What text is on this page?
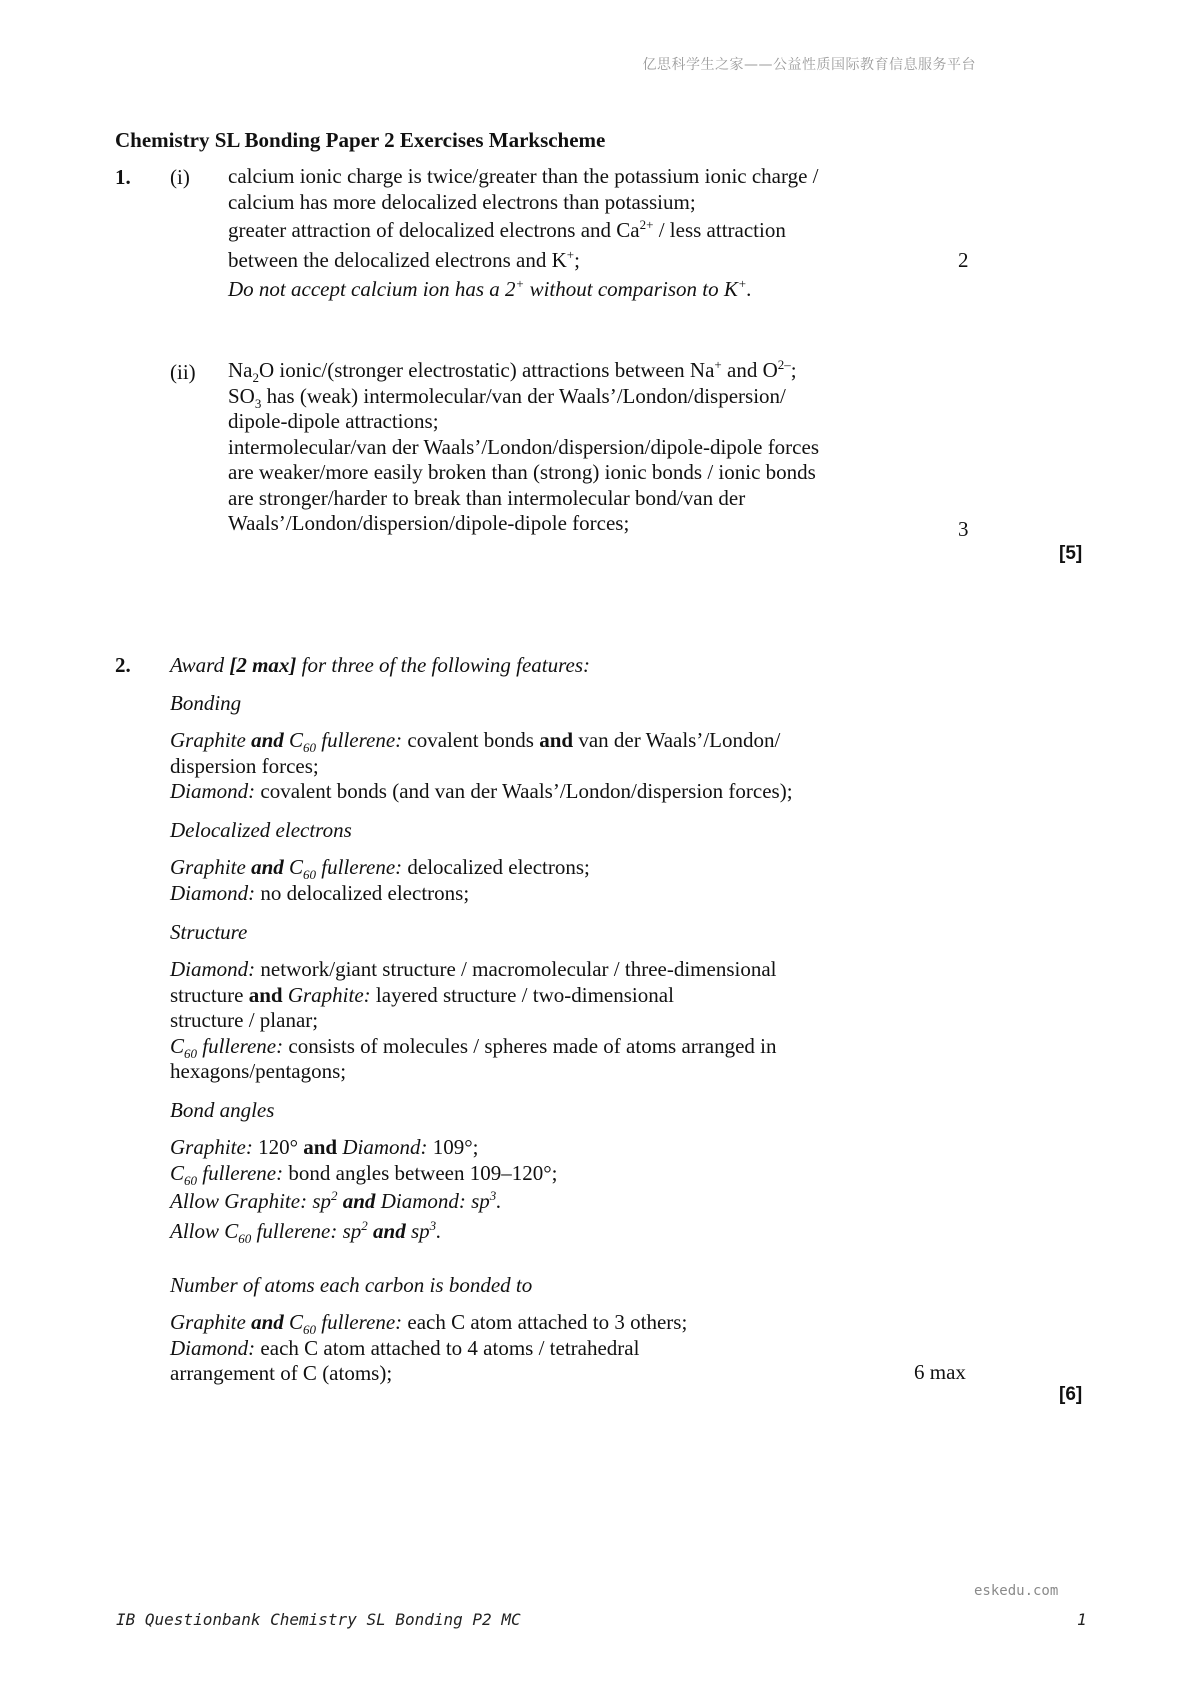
亿思科学生之家——公益性质国际教育信息服务平台
Chemistry SL Bonding Paper 2 Exercises Markscheme
1. (i) calcium ionic charge is twice/greater than the potassium ionic charge /

calcium has more delocalized electrons than potassium;

greater attraction of delocalized electrons and $Ca^{2+}$ / less attraction

between the delocalized electrons and K+;

Do not accept calcium ion has a 2+ without comparison to K+.

2
(ii) $Na_2O$ ionic/(stronger electrostatic) attractions between Na+ and $O^{2-}$;

$SO_3$ has (weak) intermolecular/van der Waals’/London/dispersion/

dipole-dipole attractions;

intermolecular/van der Waals’/London/dispersion/dipole-dipole forces

are weaker/more easily broken than (strong) ionic bonds / ionic bonds

are stronger/harder to break than intermolecular bond/van der

Waals’/London/dispersion/dipole-dipole forces;	3
[5]
2. Award [2 max] for three of the following features:
Bonding

Graphite and $C_{60}$ fullerene: covalent bonds and van der Waals’/London/

dispersion forces;

Diamond: covalent bonds (and van der Waals’/London/dispersion forces);

Delocalized electrons

Graphite and $C_{60}$ fullerene: delocalized electrons;

Diamond: no delocalized electrons;

Structure

Diamond: network/giant structure / macromolecular / three-dimensional

structure and Graphite: layered structure / two-dimensional

structure / planar;

$C_{60}$ fullerene: consists of molecules / spheres made of atoms arranged in

hexagons/pentagons;

Bond angles

Graphite: 120° and Diamond: 109°;

$C_{60}$ fullerene: bond angles between 109–120°;

Allow Graphite: $sp^2$ and Diamond: $sp^3$.

Allow $C_{60}$ fullerene: $sp^2$ and $sp^3$.

Number of atoms each carbon is bonded to

Graphite and $C_{60}$ fullerene: each C atom attached to 3 others;

Diamond: each C atom attached to 4 atoms / tetrahedral

arrangement of C (atoms);	6 max
[6]
eskedu.com
IB Questionbank Chemistry SL Bonding P2 MC	1
